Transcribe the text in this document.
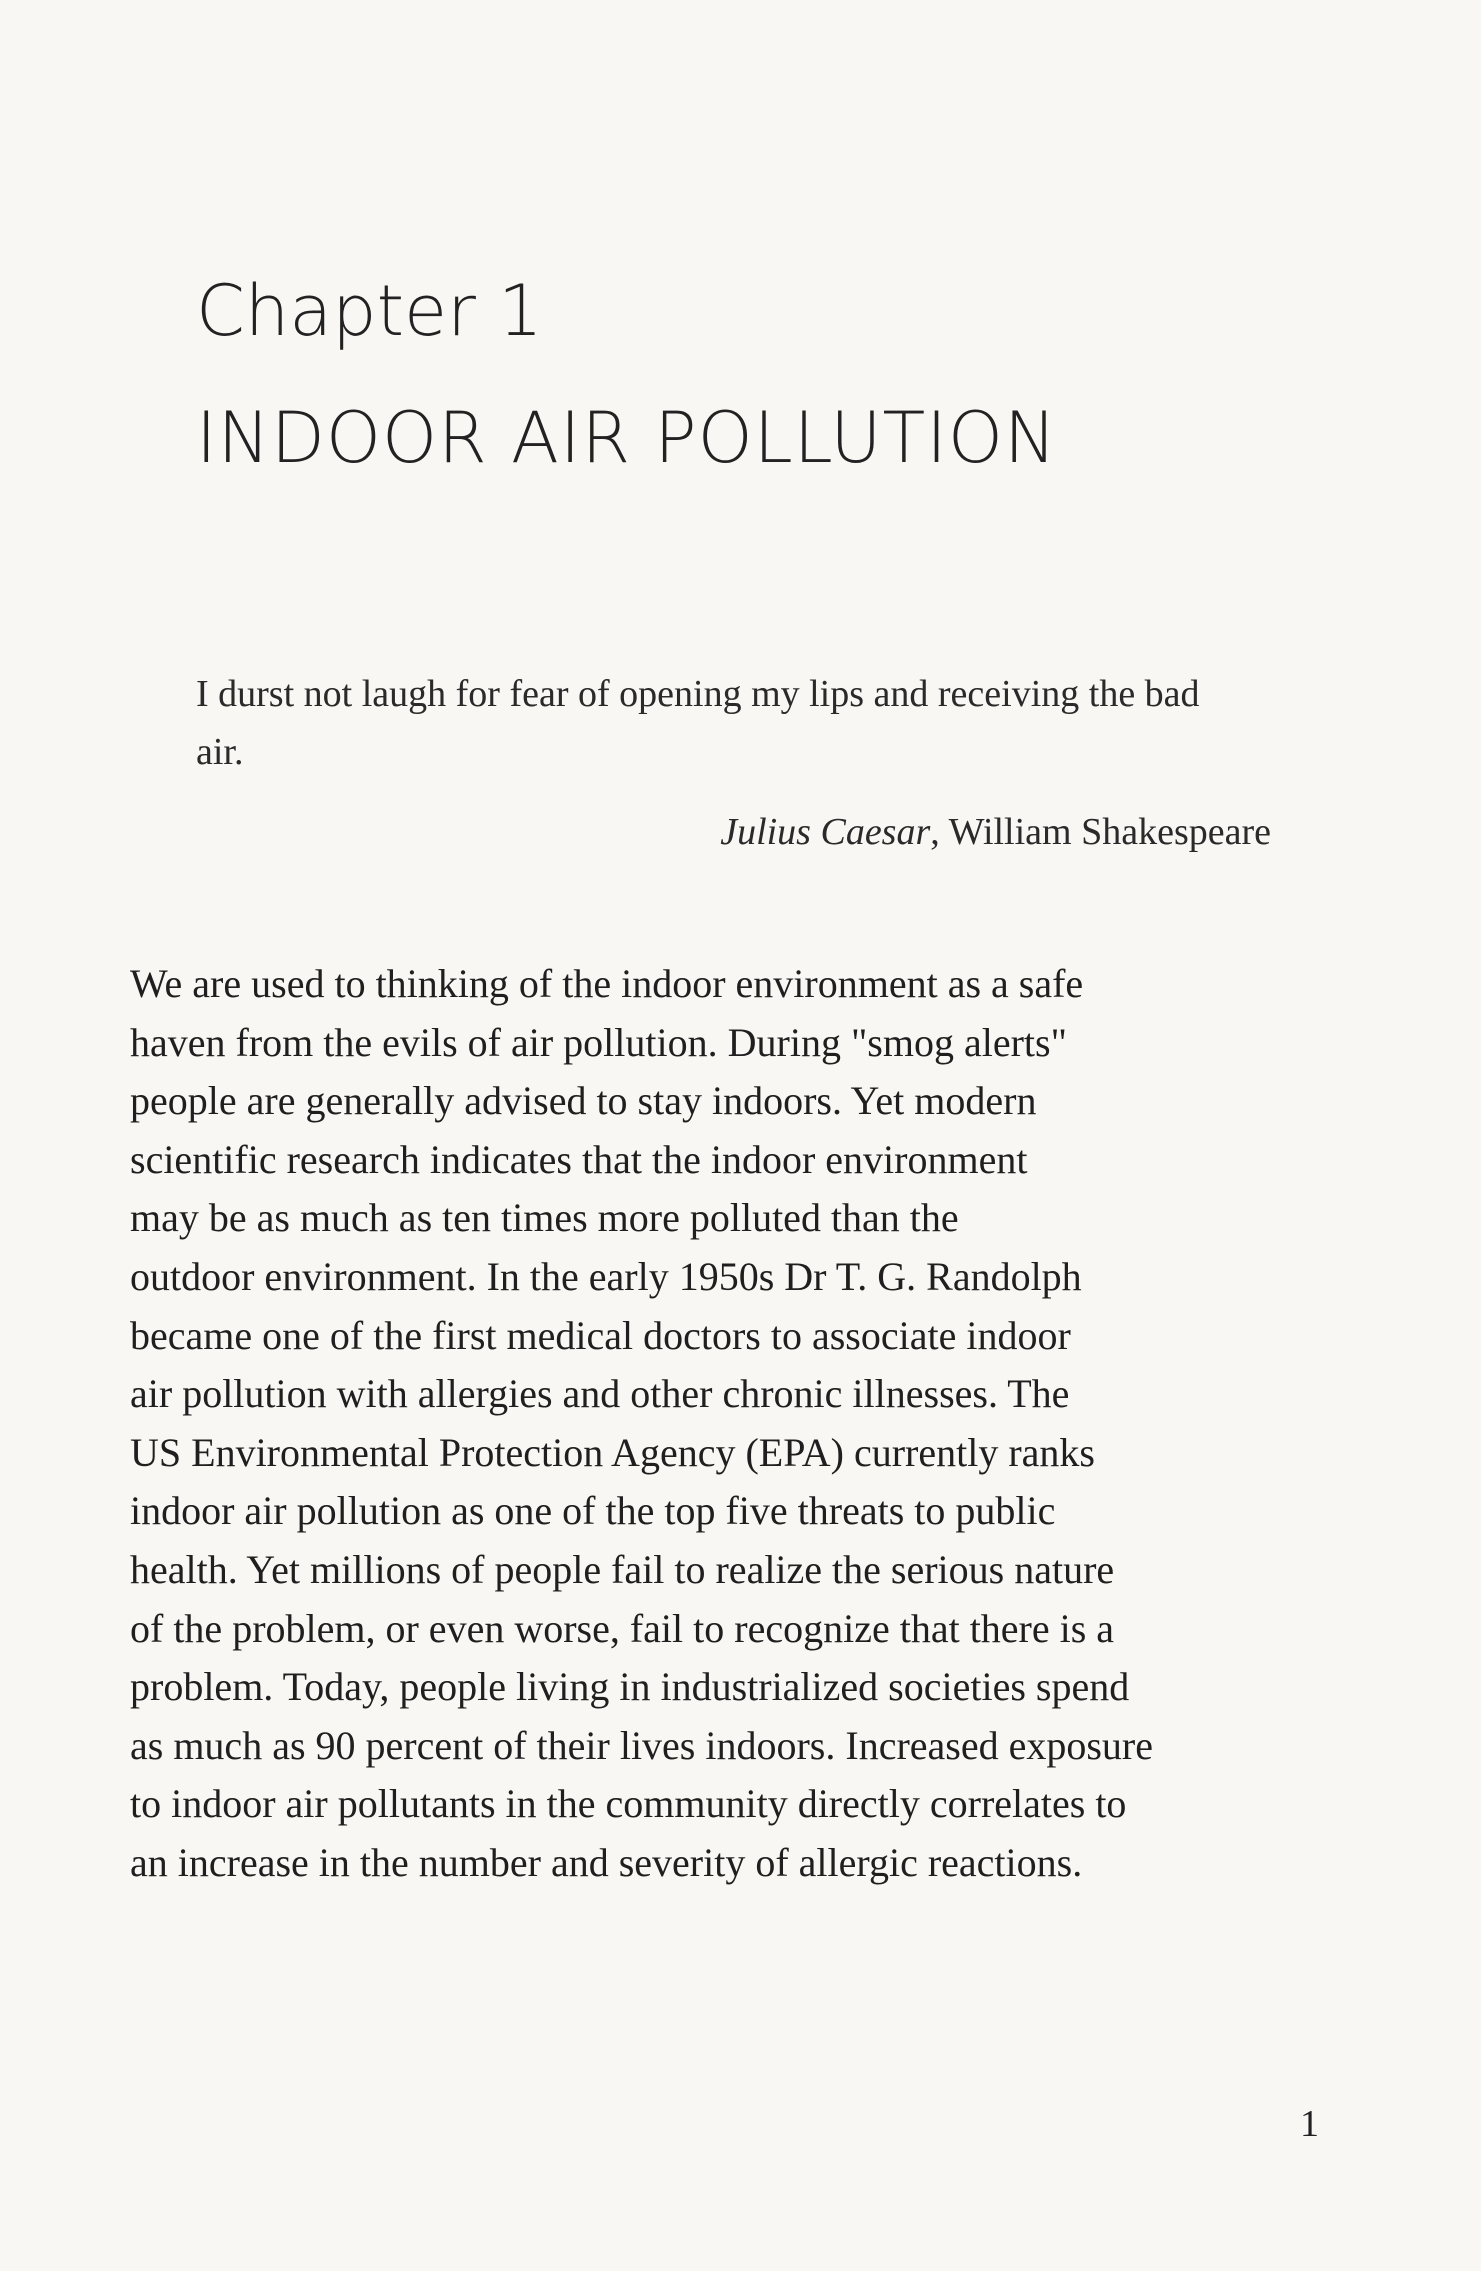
Chapter 1
INDOOR AIR POLLUTION
I durst not laugh for fear of opening my lips and receiving the bad air.
Julius Caesar, William Shakespeare
We are used to thinking of the indoor environment as a safe
haven from the evils of air pollution. During "smog alerts"
people are generally advised to stay indoors. Yet modern
scientific research indicates that the indoor environment
may be as much as ten times more polluted than the
outdoor environment. In the early 1950s Dr T. G. Randolph
became one of the first medical doctors to associate indoor
air pollution with allergies and other chronic illnesses. The
US Environmental Protection Agency (EPA) currently ranks
indoor air pollution as one of the top five threats to public
health. Yet millions of people fail to realize the serious nature
of the problem, or even worse, fail to recognize that there is a
problem. Today, people living in industrialized societies spend
as much as 90 percent of their lives indoors. Increased exposure
to indoor air pollutants in the community directly correlates to
an increase in the number and severity of allergic reactions.
1
